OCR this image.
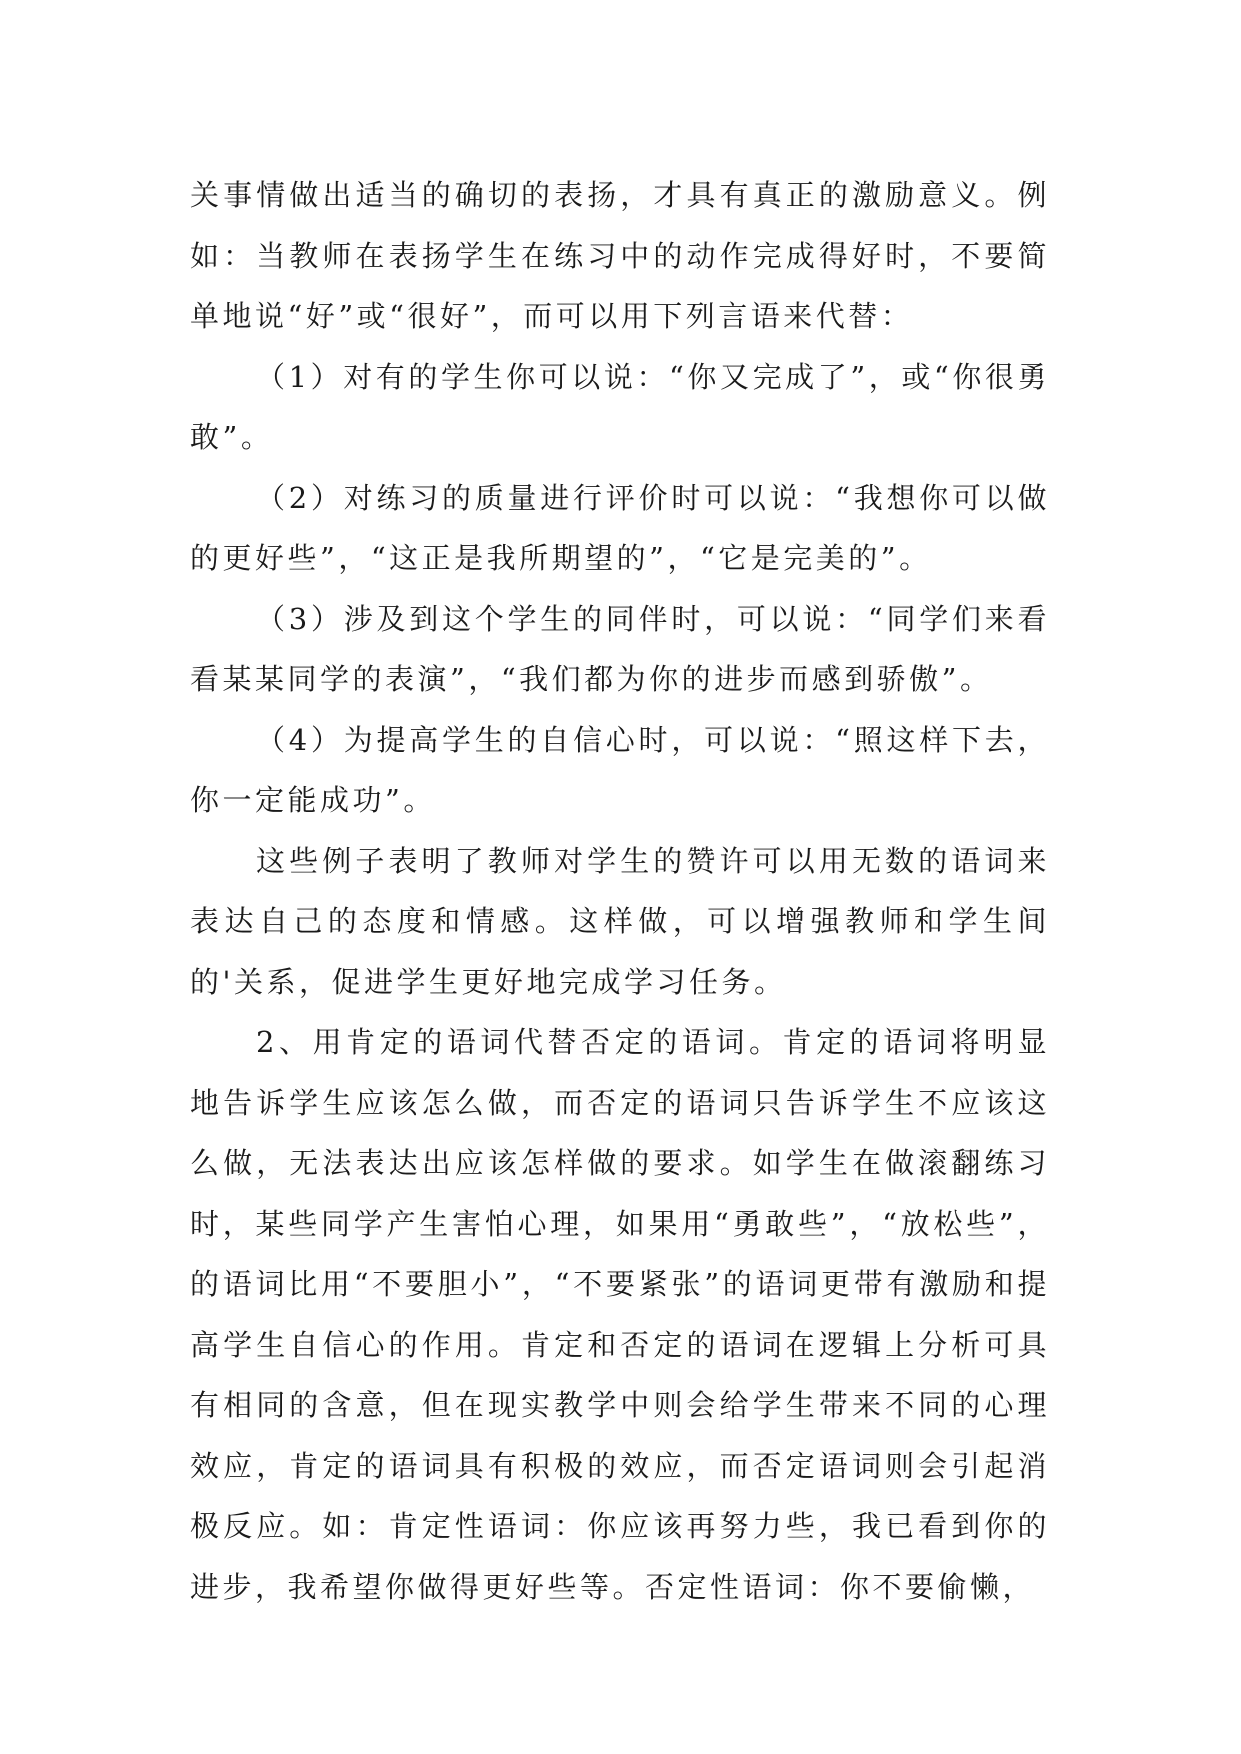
关事情做出适当的确切的表扬，才具有真正的激励意义。例如：当教师在表扬学生在练习中的动作完成得好时，不要简单地说“好”或“很好”，而可以用下列言语来代替：

（1）对有的学生你可以说：“你又完成了”，或“你很勇敢”。

（2）对练习的质量进行评价时可以说：“我想你可以做的更好些”，“这正是我所期望的”，“它是完美的”。

（3）涉及到这个学生的同伴时，可以说：“同学们来看看某某同学的表演”，“我们都为你的进步而感到骄傲”。

（4）为提高学生的自信心时，可以说：“照这样下去，你一定能成功”。

这些例子表明了教师对学生的赞许可以用无数的语词来表达自己的态度和情感。这样做，可以增强教师和学生间的'关系，促进学生更好地完成学习任务。

2、用肯定的语词代替否定的语词。肯定的语词将明显地告诉学生应该怎么做，而否定的语词只告诉学生不应该这么做，无法表达出应该怎样做的要求。如学生在做滚翻练习时，某些同学产生害怕心理，如果用“勇敢些”，“放松些”，的语词比用“不要胆小”，“不要紧张”的语词更带有激励和提高学生自信心的作用。肯定和否定的语词在逻辑上分析可具有相同的含意，但在现实教学中则会给学生带来不同的心理效应，肯定的语词具有积极的效应，而否定语词则会引起消极反应。如：肯定性语词：你应该再努力些，我已看到你的进步，我希望你做得更好些等。否定性语词：你不要偷懒，
